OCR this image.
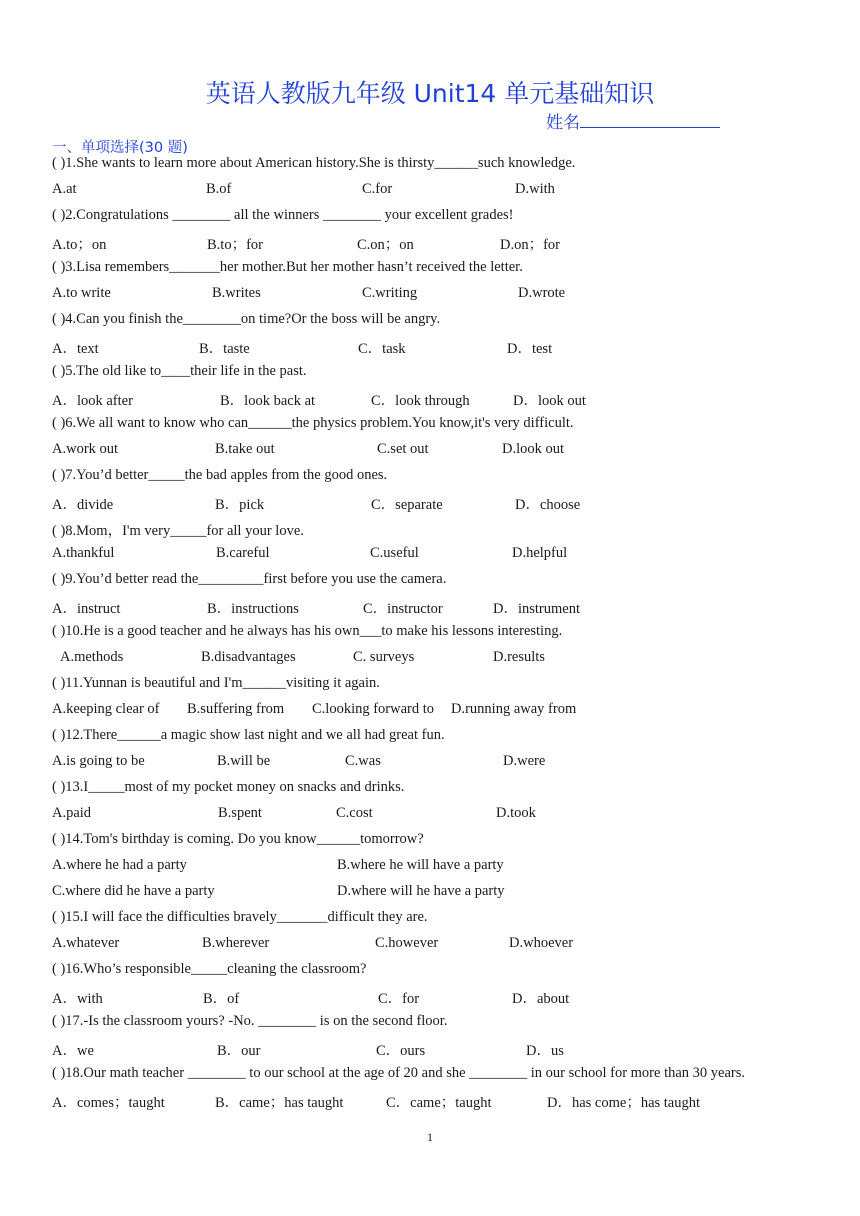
英语人教版九年级 Unit14 单元基础知识
姓名
一、单项选择(30 题)
( )1.She wants to learn more about American history.She is thirsty______such knowledge.
A.at	B.of	C.for	D.with
( )2.Congratulations ________ all the winners ________ your excellent grades!
A.to；on	B.to；for	C.on；on	D.on；for
( )3.Lisa remembers_______her mother.But her mother hasn’t received the letter.
A.to write	B.writes	C.writing	D.wrote
( )4.Can you finish the________on time?Or the boss will be angry.
A．text	B．taste	C．task	D．test
( )5.The old like to____their life in the past.
A．look after	B．look back at	C．look through	D．look out
( )6.We all want to know who can______the physics problem.You know,it's very difficult.
A.work out	B.take out	C.set out	D.look out
( )7.You’d better_____the bad apples from the good ones.
A．divide	B．pick	C．separate	D．choose
( )8.Mom，I'm very_____for all your love.
A.thankful	B.careful	C.useful	D.helpful
( )9.You’d better read the_________first before you use the camera.
A．instruct	B．instructions	C．instructor	D．instrument
( )10.He is a good teacher and he always has his own___to make his lessons interesting.
A.methods	B.disadvantages	C. surveys	D.results
( )11.Yunnan is beautiful and I'm______visiting it again.
A.keeping clear of B.suffering from C.looking forward to D.running away from
( )12.There______a magic show last night and we all had great fun.
A.is going to be	B.will be	C.was	D.were
( )13.I_____most of my pocket money on snacks and drinks.
A.paid	B.spent	C.cost	D.took
( )14.Tom's birthday is coming. Do you know______tomorrow?
A.where he had a party	B.where he will have a party
C.where did he have a party	D.where will he have a party
( )15.I will face the difficulties bravely_______difficult they are.
A.whatever	B.wherever	C.however	D.whoever
( )16.Who’s responsible_____cleaning the classroom?
A．with	B．of	C．for	D．about
( )17.-Is the classroom yours? -No. ________ is on the second floor.
A．we	B．our	C．ours	D．us
( )18.Our math teacher ________ to our school at the age of 20 and she ________ in our school for more than 30 years.
A．comes；taught	B．came；has taught	C．came；taught	D．has come；has taught
1
